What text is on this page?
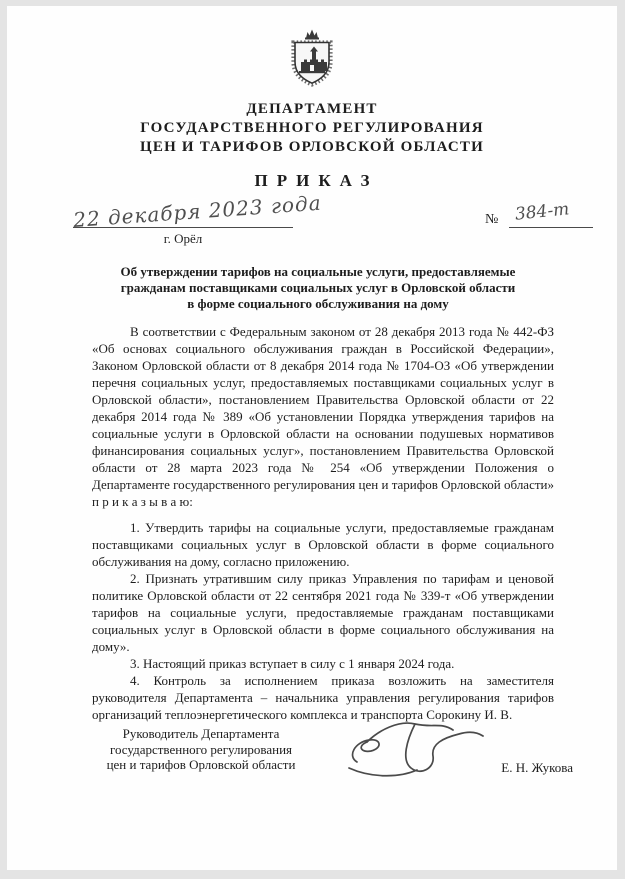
ДЕПАРТАМЕНТ
ГОСУДАРСТВЕННОГО РЕГУЛИРОВАНИЯ
ЦЕН И ТАРИФОВ ОРЛОВСКОЙ ОБЛАСТИ
ПРИКАЗ
22 декабря 2023 года
г. Орёл
№ 384-т
Об утверждении тарифов на социальные услуги, предоставляемые
гражданам поставщиками социальных услуг в Орловской области
в форме социального обслуживания на дому

В соответствии с Федеральным законом от 28 декабря 2013 года № 442-ФЗ «Об основах социального обслуживания граждан в Российской Федерации», Законом Орловской области от 8 декабря 2014 года № 1704-ОЗ «Об утверждении перечня социальных услуг, предоставляемых поставщиками социальных услуг в Орловской области», постановлением Правительства Орловской области от 22 декабря 2014 года № 389 «Об установлении Порядка утверждения тарифов на социальные услуги в Орловской области на основании подушевых нормативов финансирования социальных услуг», постановлением Правительства Орловской области от 28 марта 2023 года № 254 «Об утверждении Положения о Департаменте государственного регулирования цен и тарифов Орловской области» п р и к а з ы в а ю:

1. Утвердить тарифы на социальные услуги, предоставляемые гражданам поставщиками социальных услуг в Орловской области в форме социального обслуживания на дому, согласно приложению.

2. Признать утратившим силу приказ Управления по тарифам и ценовой политике Орловской области от 22 сентября 2021 года № 339-т «Об утверждении тарифов на социальные услуги, предоставляемые гражданам поставщиками социальных услуг в Орловской области в форме социального обслуживания на дому».

3. Настоящий приказ вступает в силу с 1 января 2024 года.

4. Контроль за исполнением приказа возложить на заместителя руководителя Департамента – начальника управления регулирования тарифов организаций теплоэнергетического комплекса и транспорта Сорокину И. В.

Руководитель Департамента
государственного регулирования
цен и тарифов Орловской области	Е. Н. Жукова
